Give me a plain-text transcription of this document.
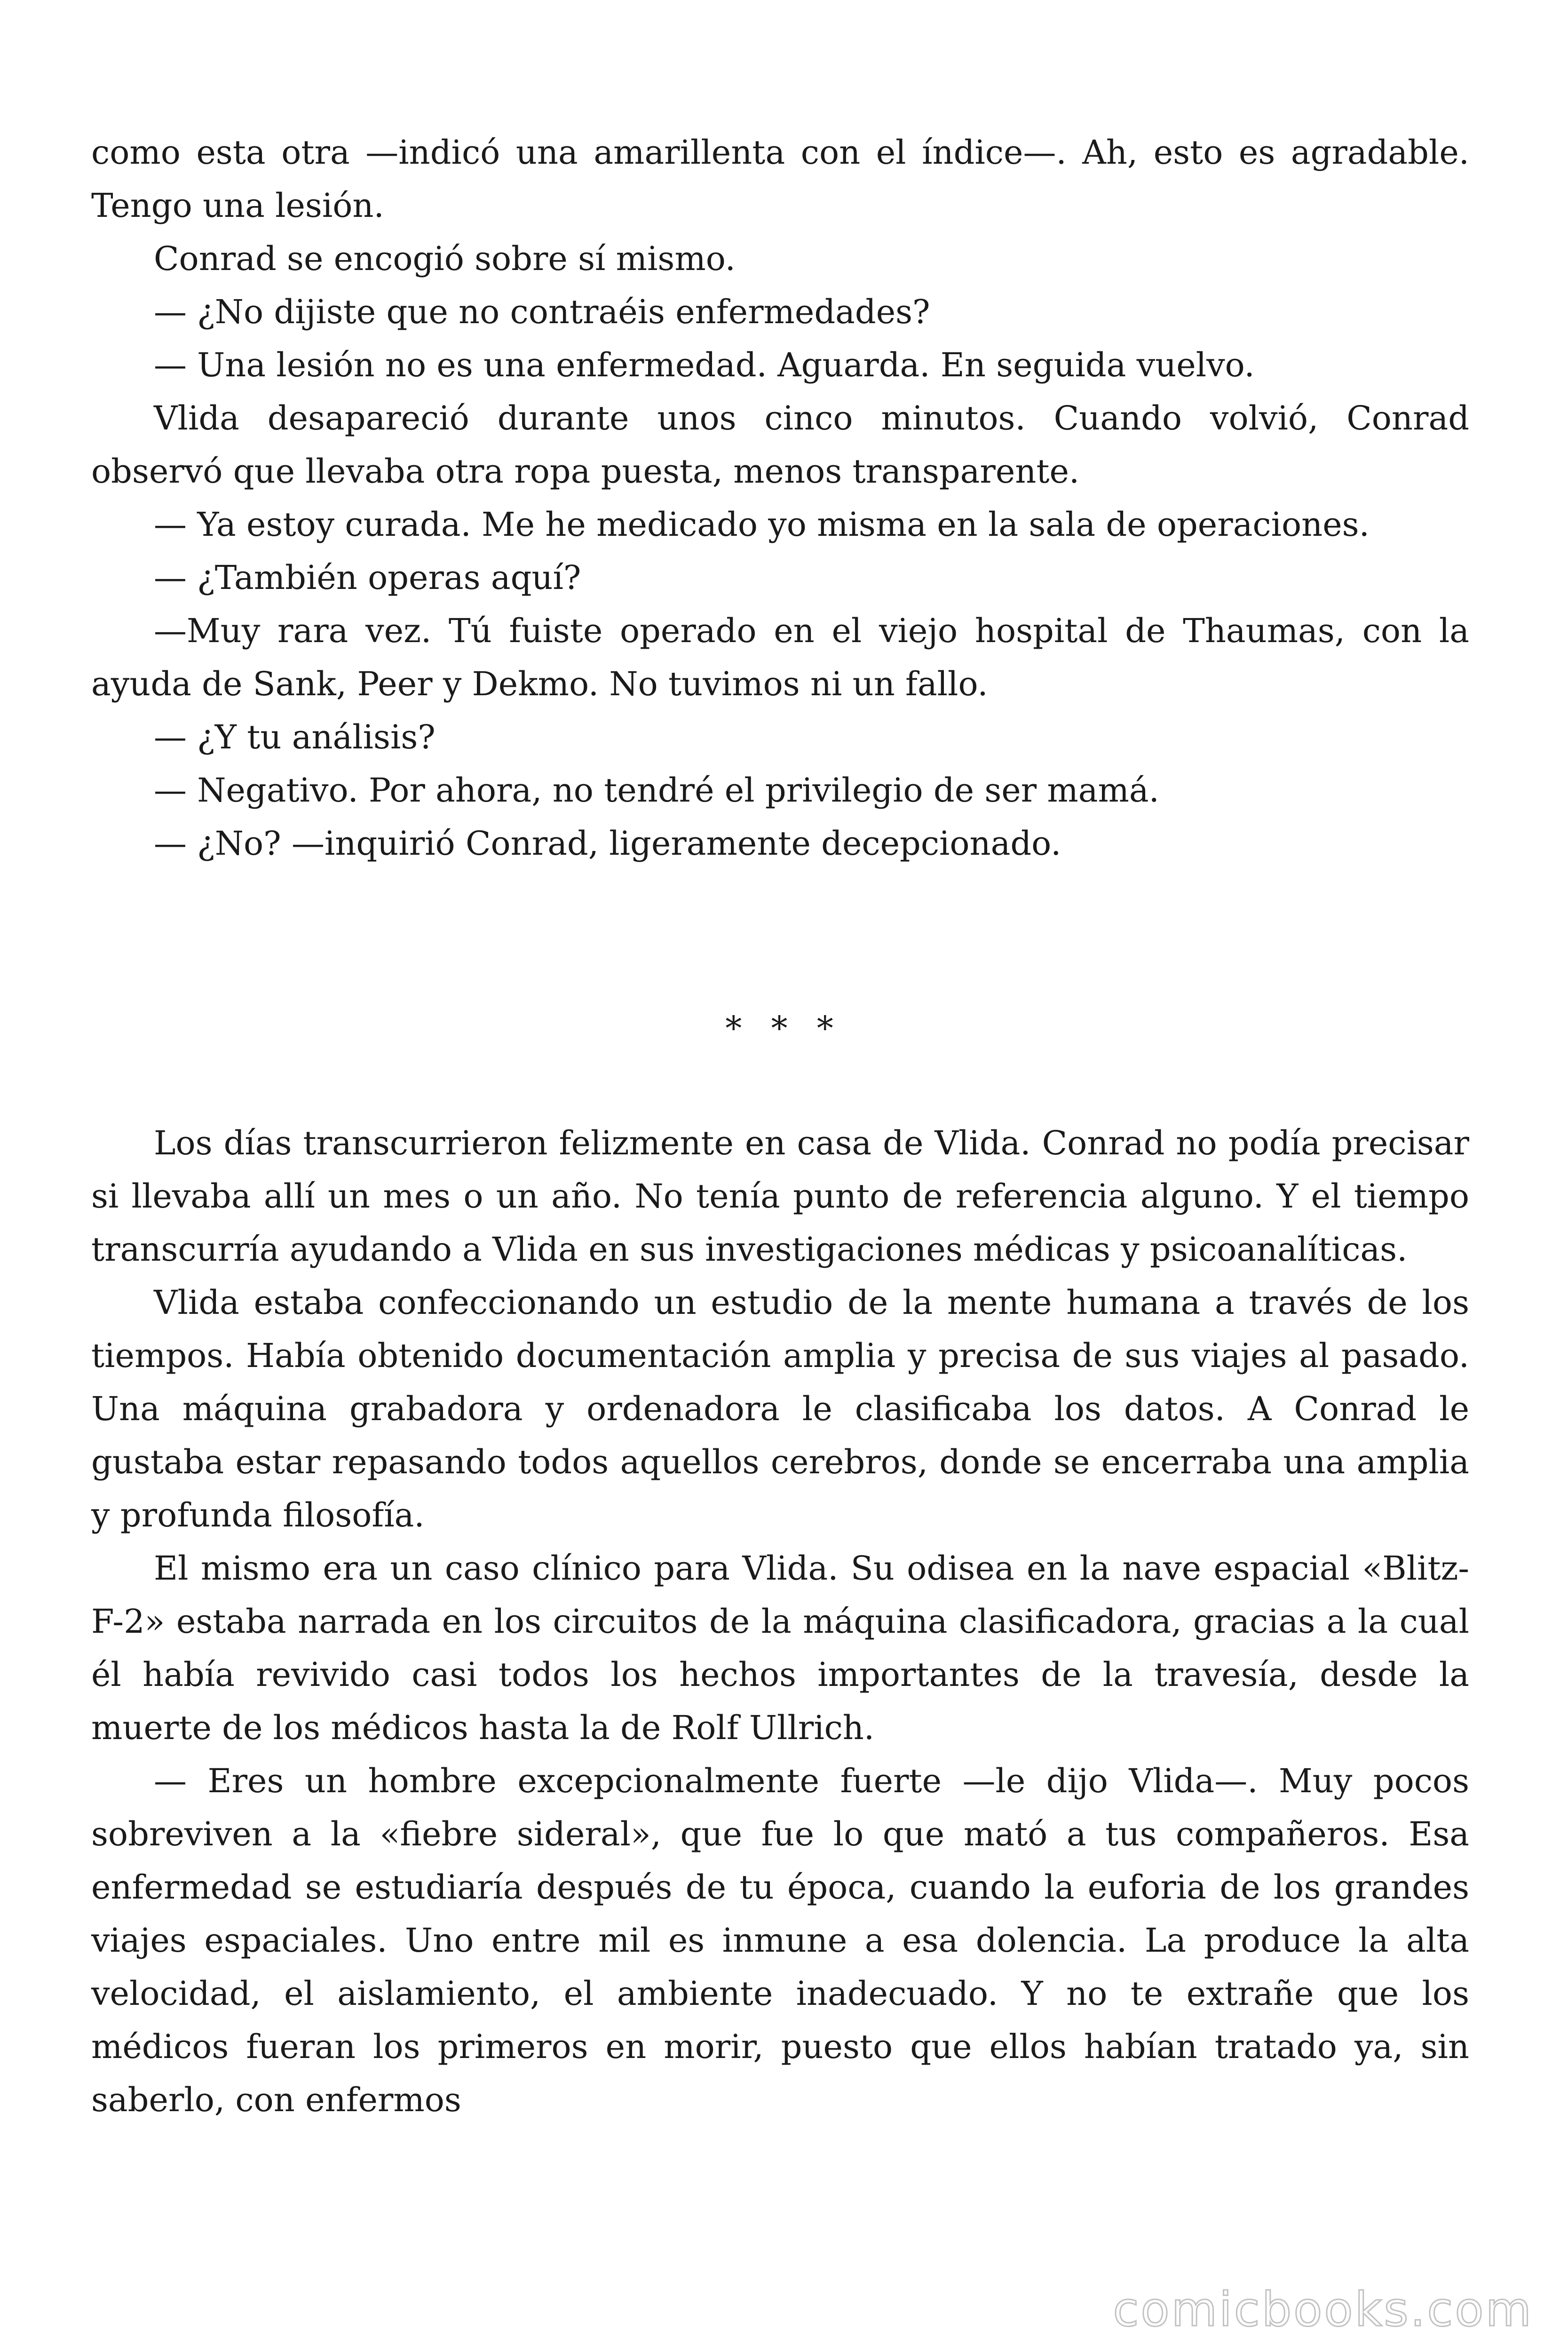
como esta otra —indicó una amarillenta con el índice—. Ah, esto es agradable. Tengo una lesión.

Conrad se encogió sobre sí mismo.

— ¿No dijiste que no contraéis enfermedades?

— Una lesión no es una enfermedad. Aguarda. En seguida vuelvo.

Vlida desapareció durante unos cinco minutos. Cuando volvió, Conrad observó que llevaba otra ropa puesta, menos transparente.

— Ya estoy curada. Me he medicado yo misma en la sala de operaciones.

— ¿También operas aquí?

—Muy rara vez. Tú fuiste operado en el viejo hospital de Thaumas, con la ayuda de Sank, Peer y Dekmo. No tuvimos ni un fallo.

— ¿Y tu análisis?

— Negativo. Por ahora, no tendré el privilegio de ser mamá.

— ¿No? —inquirió Conrad, ligeramente decepcionado.

* * *

Los días transcurrieron felizmente en casa de Vlida. Conrad no podía precisar si llevaba allí un mes o un año. No tenía punto de referencia alguno. Y el tiempo transcurría ayudando a Vlida en sus investigaciones médicas y psicoanalíticas.

Vlida estaba confeccionando un estudio de la mente humana a través de los tiempos. Había obtenido documentación amplia y precisa de sus viajes al pasado. Una máquina grabadora y ordenadora le clasificaba los datos. A Conrad le gustaba estar repasando todos aquellos cerebros, donde se encerraba una amplia y profunda filosofía.

El mismo era un caso clínico para Vlida. Su odisea en la nave espacial «Blitz-F-2» estaba narrada en los circuitos de la máquina clasificadora, gracias a la cual él había revivido casi todos los hechos importantes de la travesía, desde la muerte de los médicos hasta la de Rolf Ullrich.

— Eres un hombre excepcionalmente fuerte —le dijo Vlida—. Muy pocos sobreviven a la «fiebre sideral», que fue lo que mató a tus compañeros. Esa enfermedad se estudiaría después de tu época, cuando la euforia de los grandes viajes espaciales. Uno entre mil es inmune a esa dolencia. La produce la alta velocidad, el aislamiento, el ambiente inadecuado. Y no te extrañe que los médicos fueran los primeros en morir, puesto que ellos habían tratado ya, sin saberlo, con enfermos

comicbooks.com
